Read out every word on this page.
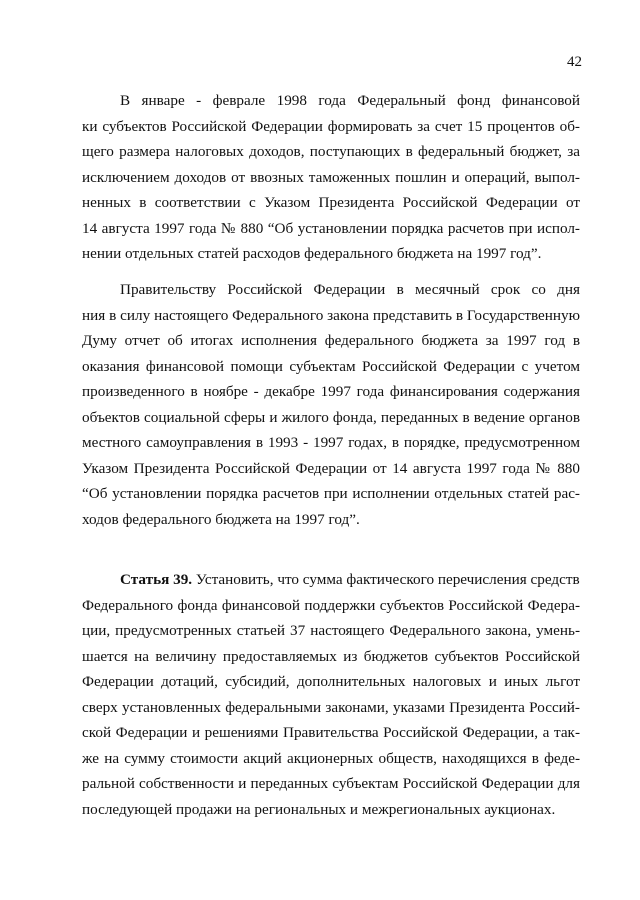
42
В январе - феврале 1998 года Федеральный фонд финансовой
ки субъектов Российской Федерации формировать за счет 15 процентов об-
щего размера налоговых доходов, поступающих в федеральный бюджет, за
исключением доходов от ввозных таможенных пошлин и операций, выпол-
ненных в соответствии с Указом Президента Российской Федерации от
14 августа 1997 года № 880 “Об установлении порядка расчетов при испол-
нении отдельных статей расходов федерального бюджета на 1997 год”.
Правительству Российской Федерации в месячный срок со дня
ния в силу настоящего Федерального закона представить в Государственную
Думу отчет об итогах исполнения федерального бюджета за 1997 год в
оказания финансовой помощи субъектам Российской Федерации с учетом
произведенного в ноябре - декабре 1997 года финансирования содержания
объектов социальной сферы и жилого фонда, переданных в ведение органов
местного самоуправления в 1993 - 1997 годах, в порядке, предусмотренном
Указом Президента Российской Федерации от 14 августа 1997 года № 880
“Об установлении порядка расчетов при исполнении отдельных статей рас-
ходов федерального бюджета на 1997 год”.
Статья 39. Установить, что сумма фактического перечисления средств
Федерального фонда финансовой поддержки субъектов Российской Федера-
ции, предусмотренных статьей 37 настоящего Федерального закона, умень-
шается на величину предоставляемых из бюджетов субъектов Российской
Федерации дотаций, субсидий, дополнительных налоговых и иных льгот
сверх установленных федеральными законами, указами Президента Россий-
ской Федерации и решениями Правительства Российской Федерации, а так-
же на сумму стоимости акций акционерных обществ, находящихся в феде-
ральной собственности и переданных субъектам Российской Федерации для
последующей продажи на региональных и межрегиональных аукционах.
